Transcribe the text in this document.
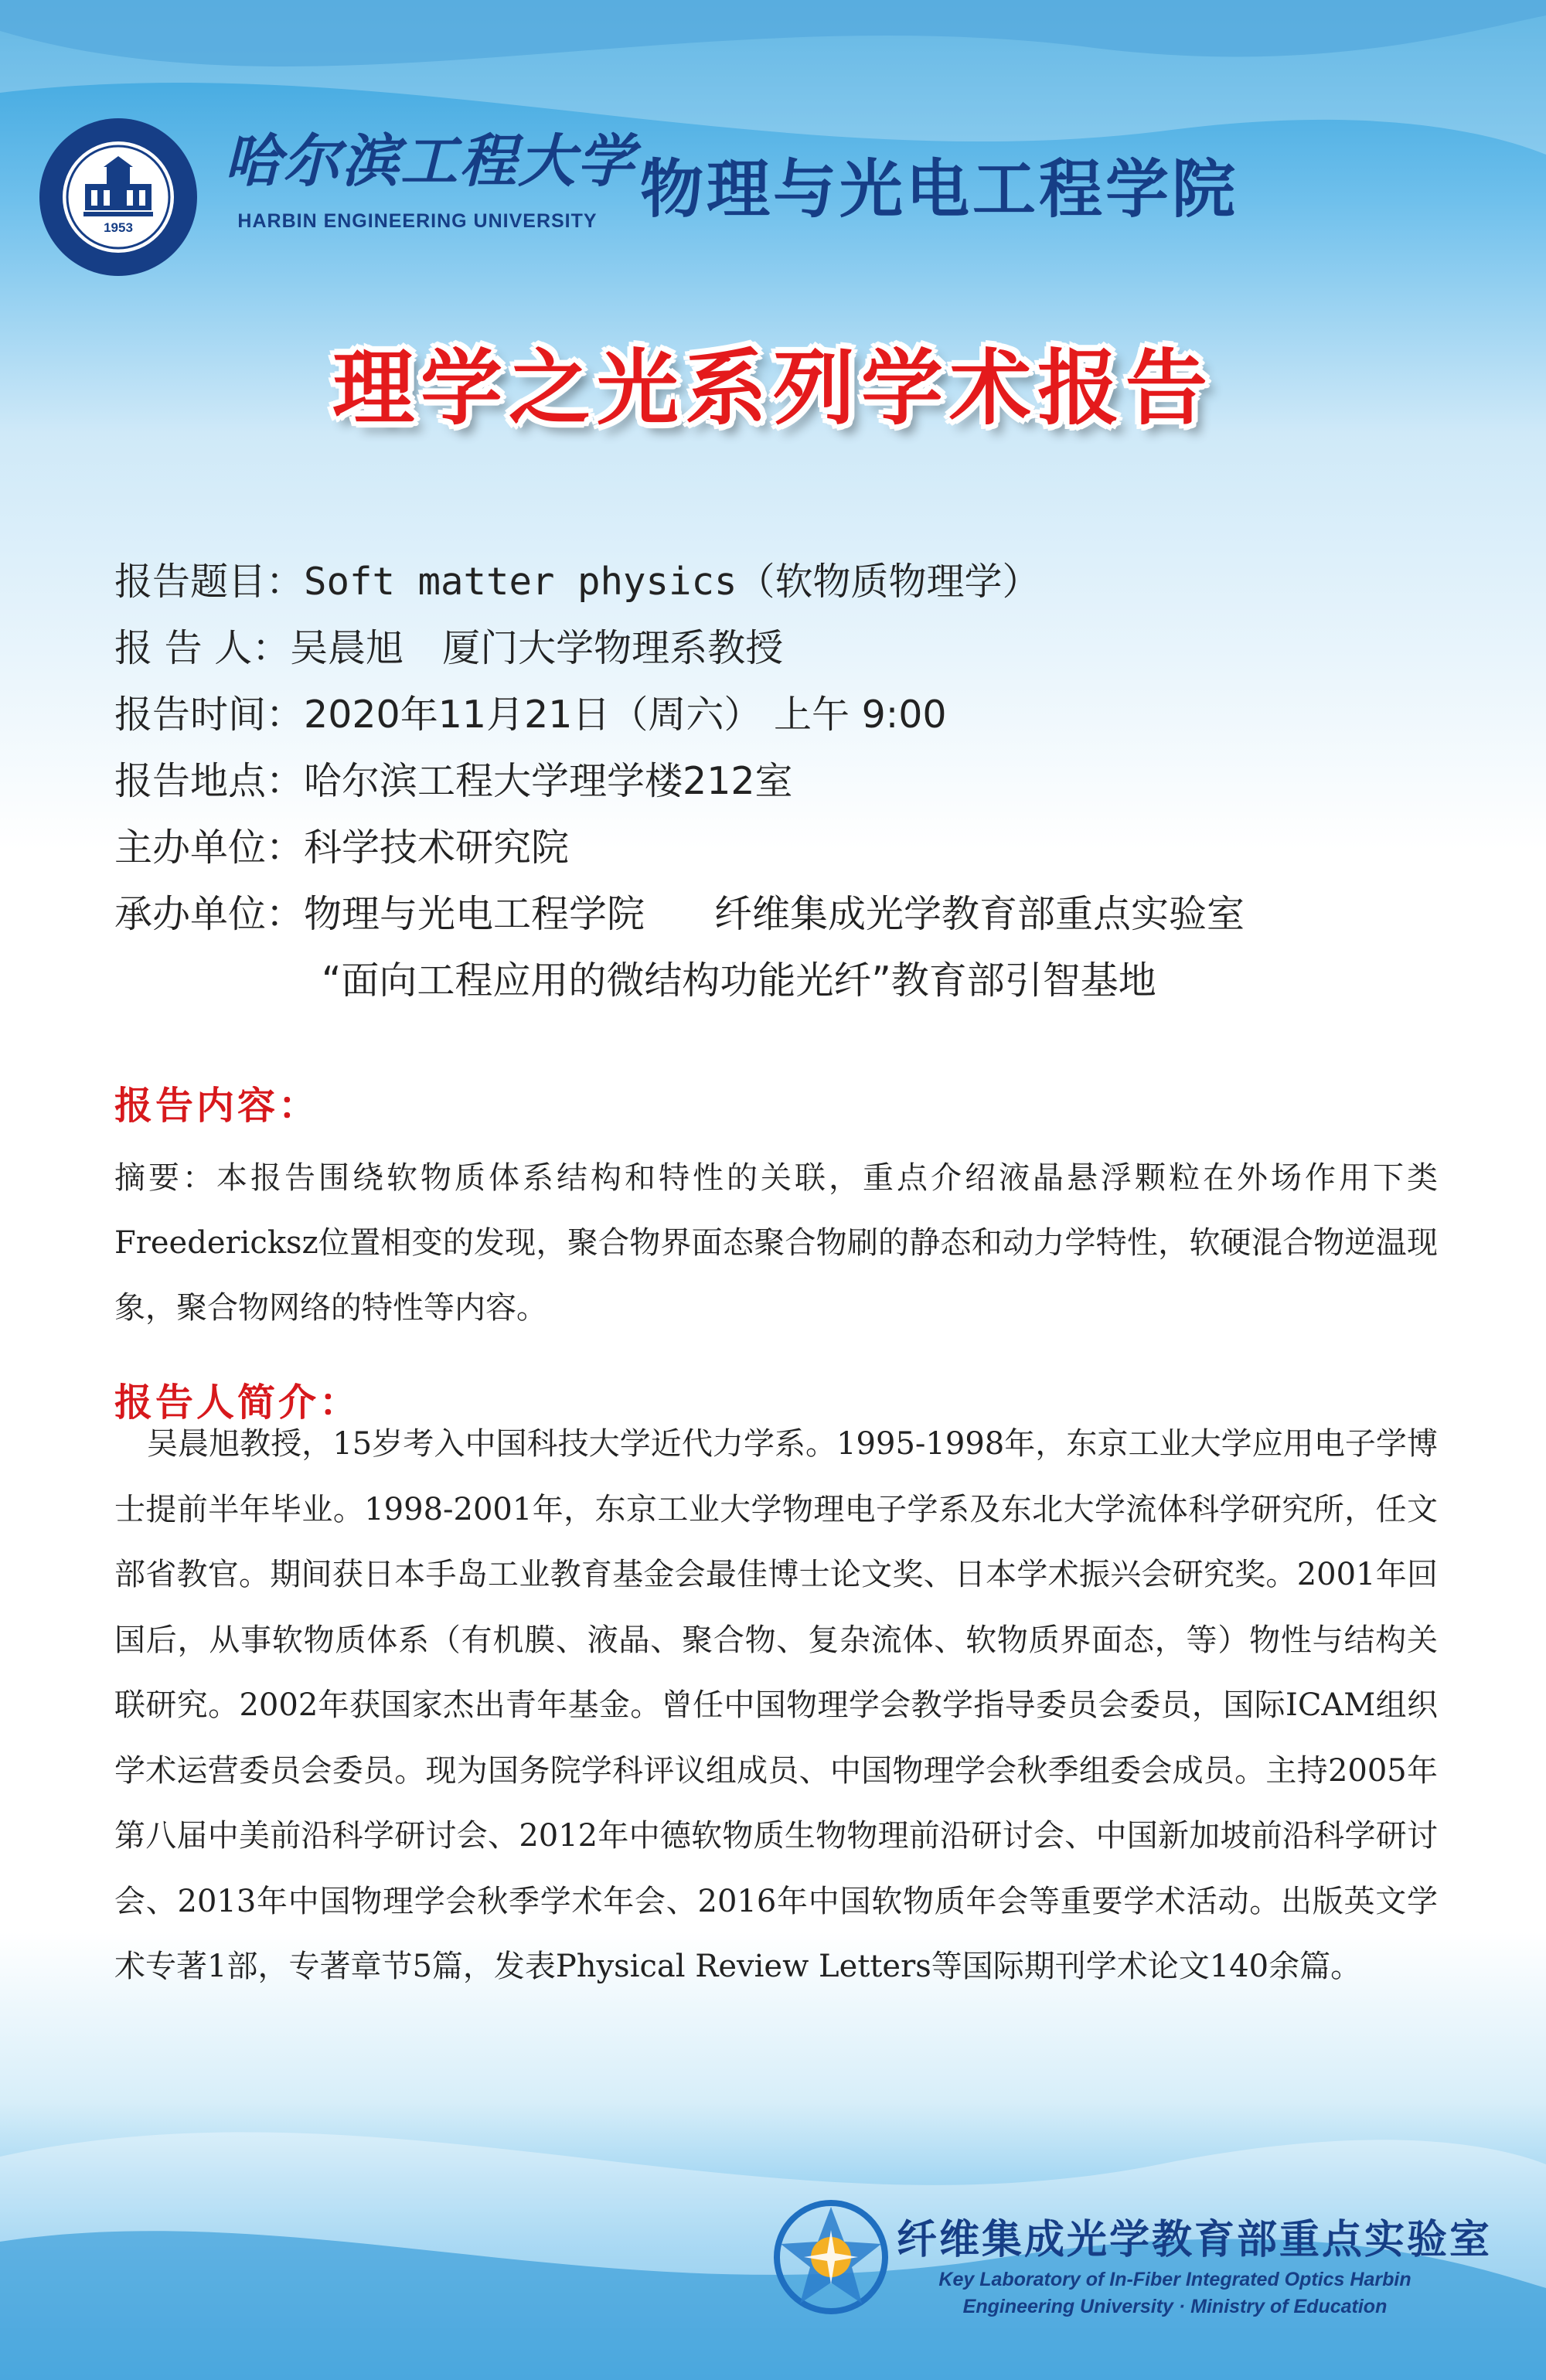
1953
哈尔滨工程大学
HARBIN ENGINEERING UNIVERSITY 物理与光电工程学院
理学之光系列学术报告
报告题目：Soft matter physics（软物质物理学）
报 告 人：吴晨旭 厦门大学物理系教授
报告时间：2020年11月21日（周六） 上午 9:00
报告地点：哈尔滨工程大学理学楼212室
主办单位：科学技术研究院
承办单位：物理与光电工程学院 纤维集成光学教育部重点实验室
“面向工程应用的微结构功能光纤”教育部引智基地
报告内容：
摘要：本报告围绕软物质体系结构和特性的关联，重点介绍液晶悬浮颗粒在外场作用下类Freedericksz位置相变的发现，聚合物界面态聚合物刷的静态和动力学特性，软硬混合物逆温现象，聚合物网络的特性等内容。
报告人简介：
吴晨旭教授，15岁考入中国科技大学近代力学系。1995-1998年，东京工业大学应用电子学博士提前半年毕业。1998-2001年，东京工业大学物理电子学系及东北大学流体科学研究所，任文部省教官。期间获日本手岛工业教育基金会最佳博士论文奖、日本学术振兴会研究奖。2001年回国后，从事软物质体系（有机膜、液晶、聚合物、复杂流体、软物质界面态，等）物性与结构关联研究。2002年获国家杰出青年基金。曾任中国物理学会教学指导委员会委员，国际ICAM组织学术运营委员会委员。现为国务院学科评议组成员、中国物理学会秋季组委会成员。主持2005年第八届中美前沿科学研讨会、2012年中德软物质生物物理前沿研讨会、中国新加坡前沿科学研讨会、2013年中国物理学会秋季学术年会、2016年中国软物质年会等重要学术活动。出版英文学术专著1部，专著章节5篇，发表Physical Review Letters等国际期刊学术论文140余篇。
纤维集成光学教育部重点实验室
Key Laboratory of In-Fiber Integrated Optics Harbin
Engineering University · Ministry of Education
